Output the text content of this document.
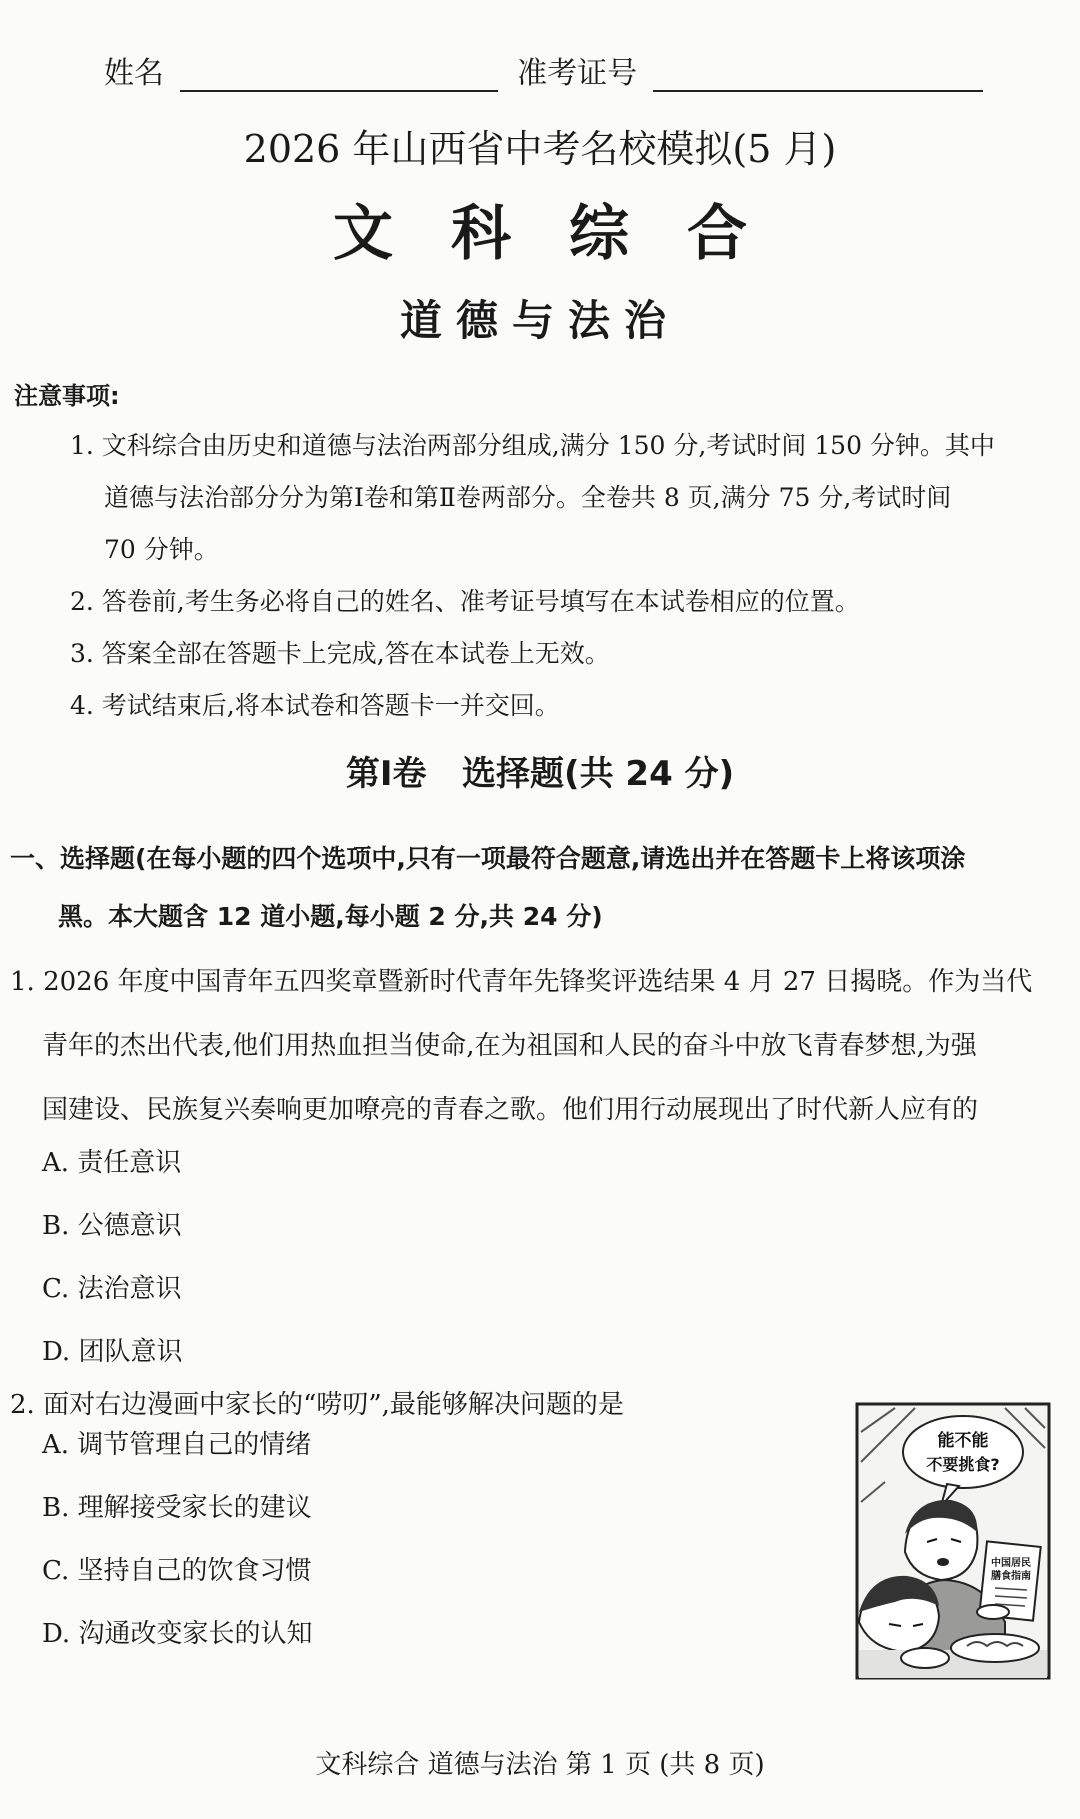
姓名	准考证号
2026 年山西省中考名校模拟(5 月)
文科综合
道德与法治
注意事项:
1. 文科综合由历史和道德与法治两部分组成,满分 150 分,考试时间 150 分钟。其中
道德与法治部分分为第Ⅰ卷和第Ⅱ卷两部分。全卷共 8 页,满分 75 分,考试时间
70 分钟。
2. 答卷前,考生务必将自己的姓名、准考证号填写在本试卷相应的位置。
3. 答案全部在答题卡上完成,答在本试卷上无效。
4. 考试结束后,将本试卷和答题卡一并交回。
第Ⅰ卷   选择题(共 24 分)
一、选择题(在每小题的四个选项中,只有一项最符合题意,请选出并在答题卡上将该项涂
黑。本大题含 12 道小题,每小题 2 分,共 24 分)
1. 2026 年度中国青年五四奖章暨新时代青年先锋奖评选结果 4 月 27 日揭晓。作为当代
青年的杰出代表,他们用热血担当使命,在为祖国和人民的奋斗中放飞青春梦想,为强
国建设、民族复兴奏响更加嘹亮的青春之歌。他们用行动展现出了时代新人应有的
A. 责任意识
B. 公德意识
C. 法治意识
D. 团队意识
2. 面对右边漫画中家长的“唠叨”,最能够解决问题的是
A. 调节管理自己的情绪
B. 理解接受家长的建议
C. 坚持自己的饮食习惯
D. 沟通改变家长的认知
能不能
不要挑食?
中国居民
膳食指南
文科综合 道德与法治 第 1 页 (共 8 页)
